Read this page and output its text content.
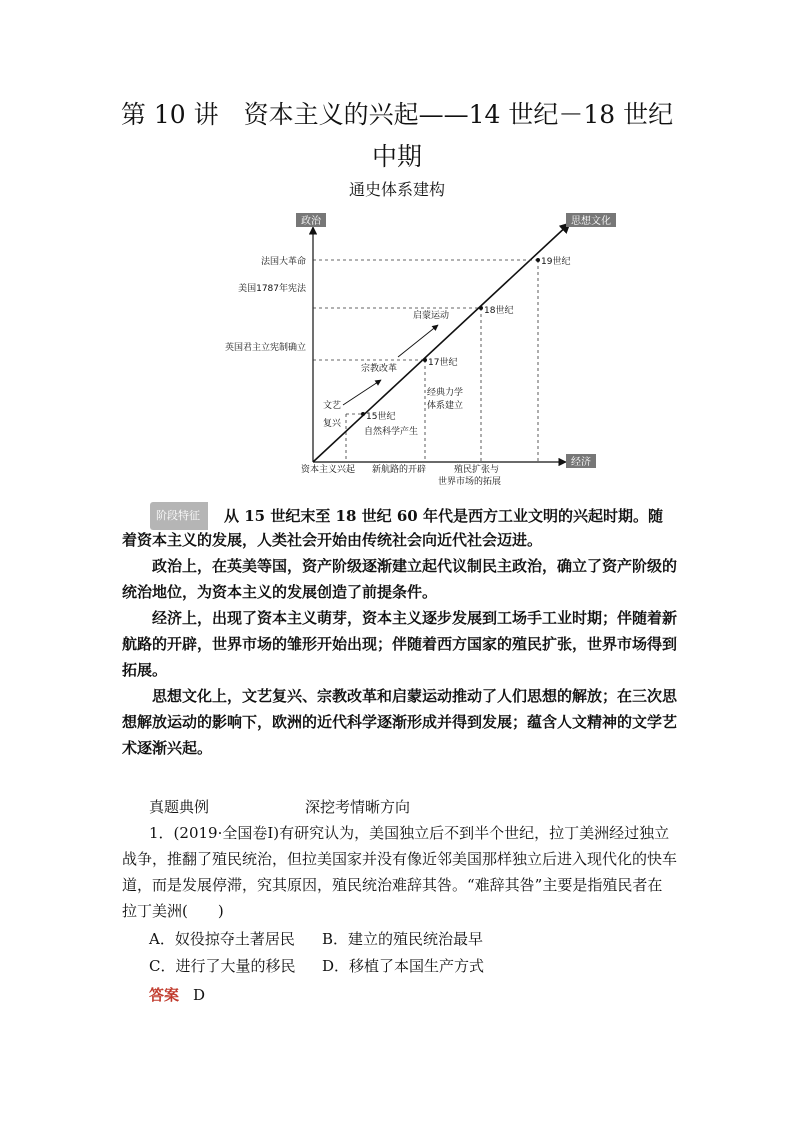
第 10 讲　资本主义的兴起——14 世纪－18 世纪
中期
通史体系建构
政治	思想文化
经济
15世纪
17世纪
18世纪
19世纪
法国大革命
美国1787年宪法
英国君主立宪制确立
文艺
复兴
宗教改革
启蒙运动
经典力学
体系建立
自然科学产生
资本主义兴起 新航路的开辟	殖民扩张与
世界市场的拓展
阶段特征 从 15 世纪末至 18 世纪 60 年代是西方工业文明的兴起时期。随

着资本主义的发展，人类社会开始由传统社会向近代社会迈进。

政治上，在英美等国，资产阶级逐渐建立起代议制民主政治，确立了资产阶级的统治地位，为资本主义的发展创造了前提条件。

经济上，出现了资本主义萌芽，资本主义逐步发展到工场手工业时期；伴随着新航路的开辟，世界市场的雏形开始出现；伴随着西方国家的殖民扩张，世界市场得到拓展。

思想文化上，文艺复兴、宗教改革和启蒙运动推动了人们思想的解放；在三次思想解放运动的影响下，欧洲的近代科学逐渐形成并得到发展；蕴含人文精神的文学艺术逐渐兴起。

真题典例	深挖考情晰方向

1．(2019·全国卷Ⅰ)有研究认为，美国独立后不到半个世纪，拉丁美洲经过独立战争，推翻了殖民统治，但拉美国家并没有像近邻美国那样独立后进入现代化的快车道，而是发展停滞，究其原因，殖民统治难辞其咎。“难辞其咎”主要是指殖民者在拉丁美洲(　　)

A．奴役掠夺土著居民 B．建立的殖民统治最早
C．进行了大量的移民 D．移植了本国生产方式
答案 D
